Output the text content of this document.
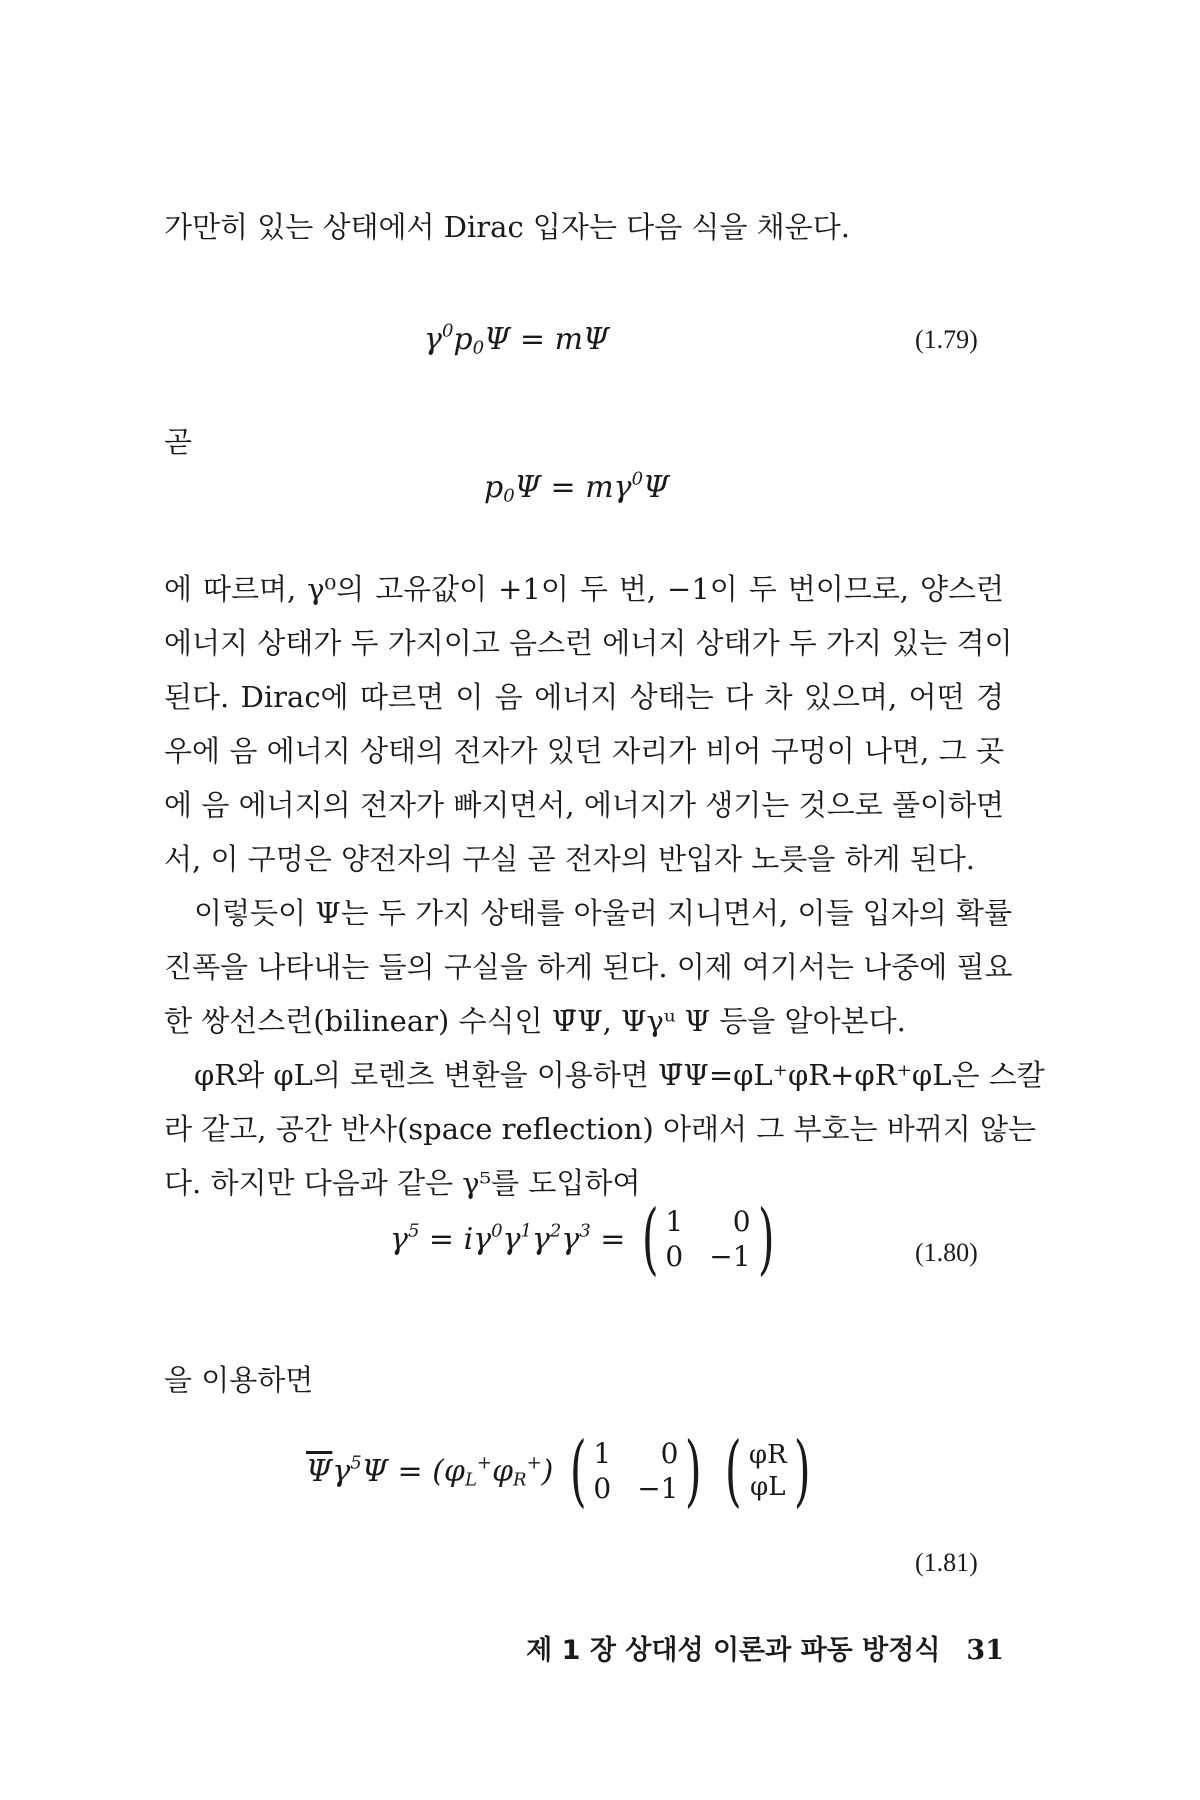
가만히 있는 상태에서 Dirac 입자는 다음 식을 채운다.

$\gamma^0p_0\Psi = m\Psi$	(1.79)
곧
$p_0\Psi = m\gamma^0\Psi$

에 따르며, γ⁰의 고유값이 +1이 두 번, −1이 두 번이므로, 양스런
에너지 상태가 두 가지이고 음스런 에너지 상태가 두 가지 있는 격이
된다. Dirac에 따르면 이 음 에너지 상태는 다 차 있으며, 어떤 경
우에 음 에너지 상태의 전자가 있던 자리가 비어 구멍이 나면, 그 곳
에 음 에너지의 전자가 빠지면서, 에너지가 생기는 것으로 풀이하면
서, 이 구멍은 양전자의 구실 곧 전자의 반입자 노릇을 하게 된다.

이렇듯이 Ψ는 두 가지 상태를 아울러 지니면서, 이들 입자의 확률
진폭을 나타내는 들의 구실을 하게 된다. 이제 여기서는 나중에 필요
한 쌍선스런(bilinear) 수식인 Ψ̄Ψ, Ψγᵘ Ψ 등을 알아본다.

φR와 φL의 로렌츠 변환을 이용하면 Ψ̄Ψ=φL⁺φR+φR⁺φL은 스칼
라 같고, 공간 반사(space reflection) 아래서 그 부호는 바뀌지 않는
다. 하지만 다음과 같은 γ⁵를 도입하여

$\gamma^5 = i\gamma^0\gamma^1\gamma^2\gamma^3$ = ( 1	0
0 −1 )	(1.80)
을 이용하면
$\overline{\Psi}\gamma^5\Psi = (\varphi_L^+\varphi_R^+)$ ( 1	0
0 −1 )
( φR
φL )
(1.81)
제 1 장 상대성 이론과 파동 방정식 31
